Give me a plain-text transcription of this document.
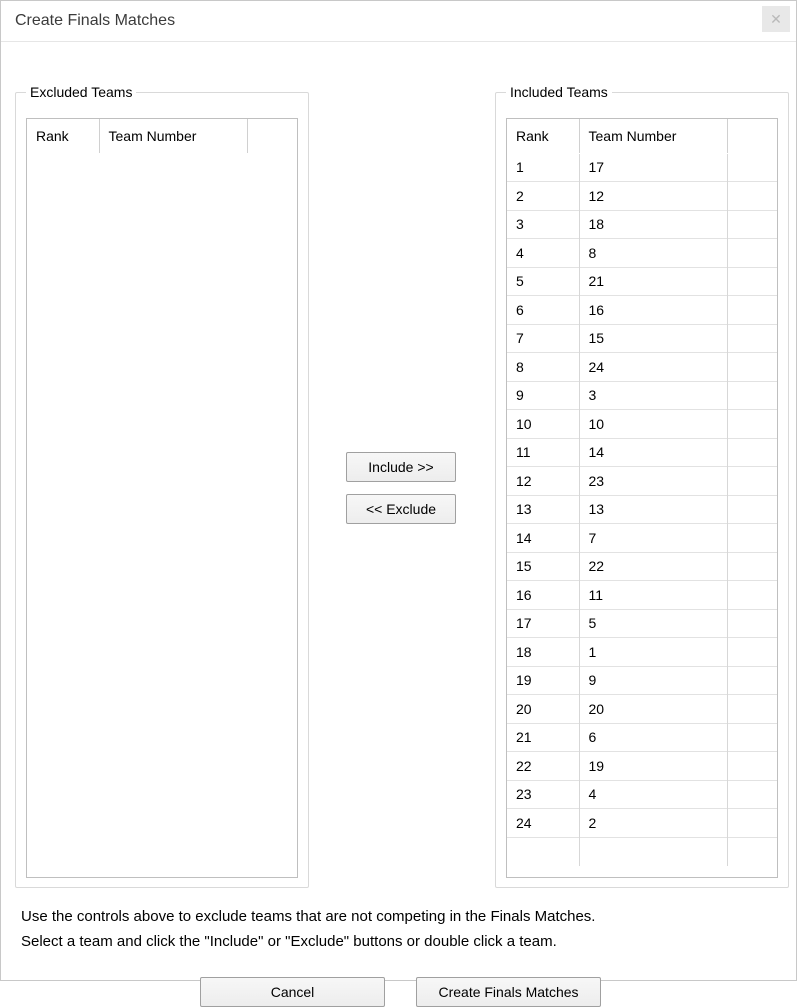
Create Finals Matches	✕
Excluded Teams
Rank	Team Number	
Include >>
<< Exclude
Included Teams
Rank	Team Number	
1	17	
2	12	
3	18	
4	8	
5	21	
6	16	
7	15	
8	24	
9	3	
10	10	
11	14	
12	23	
13	13	
14	7	
15	22	
16	11	
17	5	
18	1	
19	9	
20	20	
21	6	
22	19	
23	4	
24	2	

Use the controls above to exclude teams that are not competing in the Finals Matches.
Select a team and click the "Include" or "Exclude" buttons or double click a team.
Cancel	Create Finals Matches
